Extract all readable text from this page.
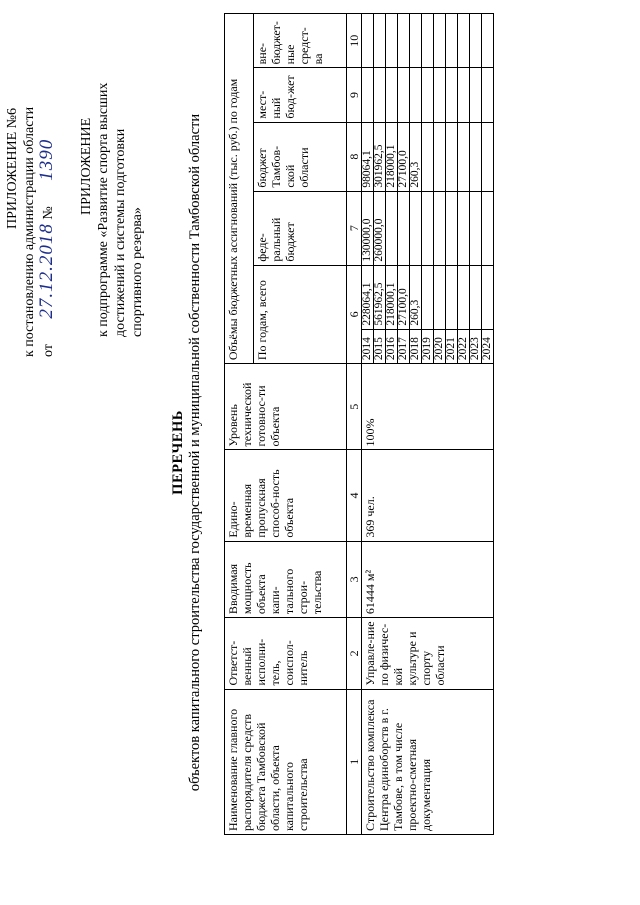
ПРИЛОЖЕНИЕ №6 к постановлению администрации области от 27.12.2018 № 1390 ПРИЛОЖЕНИЕ к подпрограмме «Развитие спорта высших достижений и системы подготовки спортивного резерва»
ПЕРЕЧЕНЬ объектов капитального строительства государственной и муниципальной собственности Тамбовской области Наименование главного распорядителя средств бюджета Тамбовской области, объекта капитального строительства	Ответст-венный исполни-тель, соиспол-нитель	Вводимая мощность объекта капи-тального строи-тельства	Едино-временная пропускная способ-ность объекта	Уровень технической готовнос-ти объекта	Объёмы бюджетных ассигнований (тыс. руб.) по годам					
					По годам, всего		феде-ральный бюджет	бюджет Тамбов-ской области	мест-ный бюд-жет	вне-бюджет-ные средст-ва
1	2	3	4	5	6		7	8	9	10
Строительство комплекса Центра единоборств в г. Тамбове, в том числе проектно-сметная документация	Управле-ние по физичес-кой культуре и спорту области	61444 м²	369 чел.	100%	2014	228064,1	130000,0	98064,1		
					2015	561962,5	260000,0	301962,5		
					2016	218000,1		218000,1		
					2017	27100,0		27100,0		
					2018	260,3		260,3		
					2019					
					2020					
					2021					
					2022					
					2023					
					2024					
